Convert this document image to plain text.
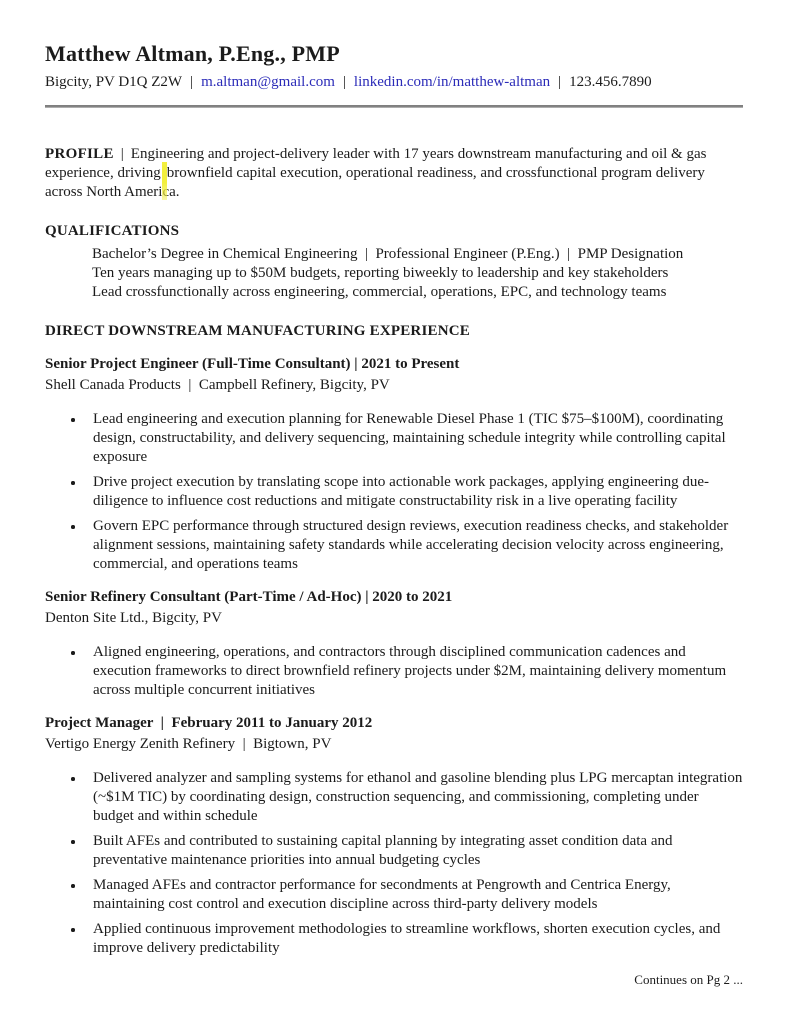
Matthew Altman, P.Eng., PMP
Bigcity, PV D1Q Z2W | m.altman@gmail.com | linkedin.com/in/matthew-altman | 123.456.7890

PROFILE | Engineering and project-delivery leader with 17 years downstream manufacturing and oil & gas experience, driving brownfield capital execution, operational readiness, and crossfunctional program delivery across North America.

QUALIFICATIONS
Bachelor’s Degree in Chemical Engineering  |  Professional Engineer (P.Eng.)  |  PMP Designation
Ten years managing up to $50M budgets, reporting biweekly to leadership and key stakeholders
Lead crossfunctionally across engineering, commercial, operations, EPC, and technology teams
DIRECT DOWNSTREAM MANUFACTURING EXPERIENCE
Senior Project Engineer (Full-Time Consultant) | 2021 to Present
Shell Canada Products  |  Campbell Refinery, Bigcity, PV
Lead engineering and execution planning for Renewable Diesel Phase 1 (TIC $75–$100M), coordinating design, constructability, and delivery sequencing, maintaining schedule integrity while controlling capital exposure
Drive project execution by translating scope into actionable work packages, applying engineering due-diligence to influence cost reductions and mitigate constructability risk in a live operating facility
Govern EPC performance through structured design reviews, execution readiness checks, and stakeholder alignment sessions, maintaining safety standards while accelerating decision velocity across engineering, commercial, and operations teams
Senior Refinery Consultant (Part-Time / Ad-Hoc) | 2020 to 2021
Denton Site Ltd., Bigcity, PV
Aligned engineering, operations, and contractors through disciplined communication cadences and execution frameworks to direct brownfield refinery projects under $2M, maintaining delivery momentum across multiple concurrent initiatives
Project Manager  |  February 2011 to January 2012
Vertigo Energy Zenith Refinery  |  Bigtown, PV
Delivered analyzer and sampling systems for ethanol and gasoline blending plus LPG mercaptan integration (~$1M TIC) by coordinating design, construction sequencing, and commissioning, completing under budget and within schedule
Built AFEs and contributed to sustaining capital planning by integrating asset condition data and preventative maintenance priorities into annual budgeting cycles
Managed AFEs and contractor performance for secondments at Pengrowth and Centrica Energy, maintaining cost control and execution discipline across third-party delivery models
Applied continuous improvement methodologies to streamline workflows, shorten execution cycles, and improve delivery predictability
Continues on Pg 2 ...
